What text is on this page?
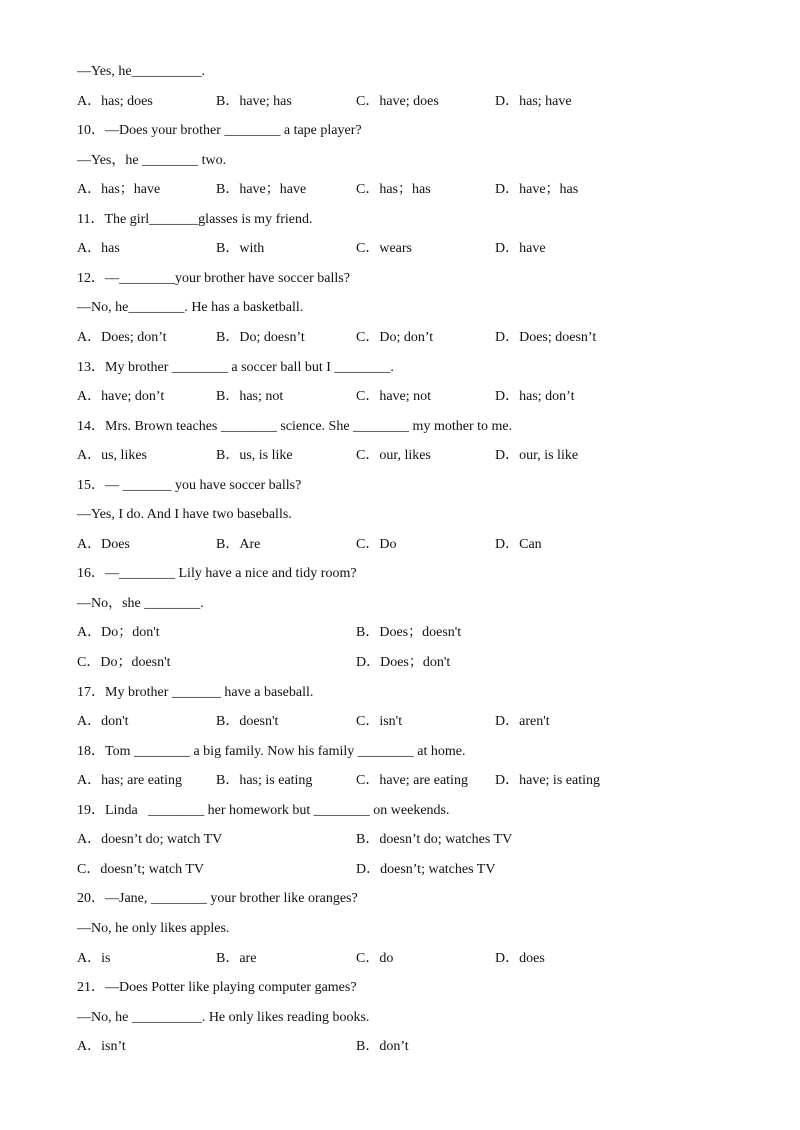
—Yes, he__________.
A．has; does	B．have; has	C．have; does	D．has; have
10．—Does your brother ________ a tape player?
—Yes，he ________ two.
A．has；have	B．have；have	C．has；has	D．have；has
11．The girl_______glasses is my friend.
A．has	B．with	C．wears	D．have
12．—________your brother have soccer balls?
—No, he________. He has a basketball.
A．Does; don’t	B．Do; doesn’t	C．Do; don’t	D．Does; doesn’t
13．My brother ________ a soccer ball but I ________.
A．have; don’t	B．has; not	C．have; not	D．has; don’t
14．Mrs. Brown teaches ________ science. She ________ my mother to me.
A．us, likes	B．us, is like	C．our, likes	D．our, is like
15．— _______ you have soccer balls?
—Yes, I do. And I have two baseballs.
A．Does	B．Are	C．Do	D．Can
16．—________ Lily have a nice and tidy room?
—No，she ________.
A．Do；don't	B．Does；doesn't
C．Do；doesn't	D．Does；don't
17．My brother _______ have a baseball.
A．don't	B．doesn't	C．isn't	D．aren't
18．Tom ________ a big family. Now his family ________ at home.
A．has; are eating B．has; is eating	C．have; are eating D．have; is eating
19．Linda   ________ her homework but ________ on weekends.
A．doesn’t do; watch TV	B．doesn’t do; watches TV
C．doesn’t; watch TV	D．doesn’t; watches TV
20．—Jane, ________ your brother like oranges?
—No, he only likes apples.
A．is	B．are	C．do	D．does
21．—Does Potter like playing computer games?
—No, he __________. He only likes reading books.
A．isn’t	B．don’t
